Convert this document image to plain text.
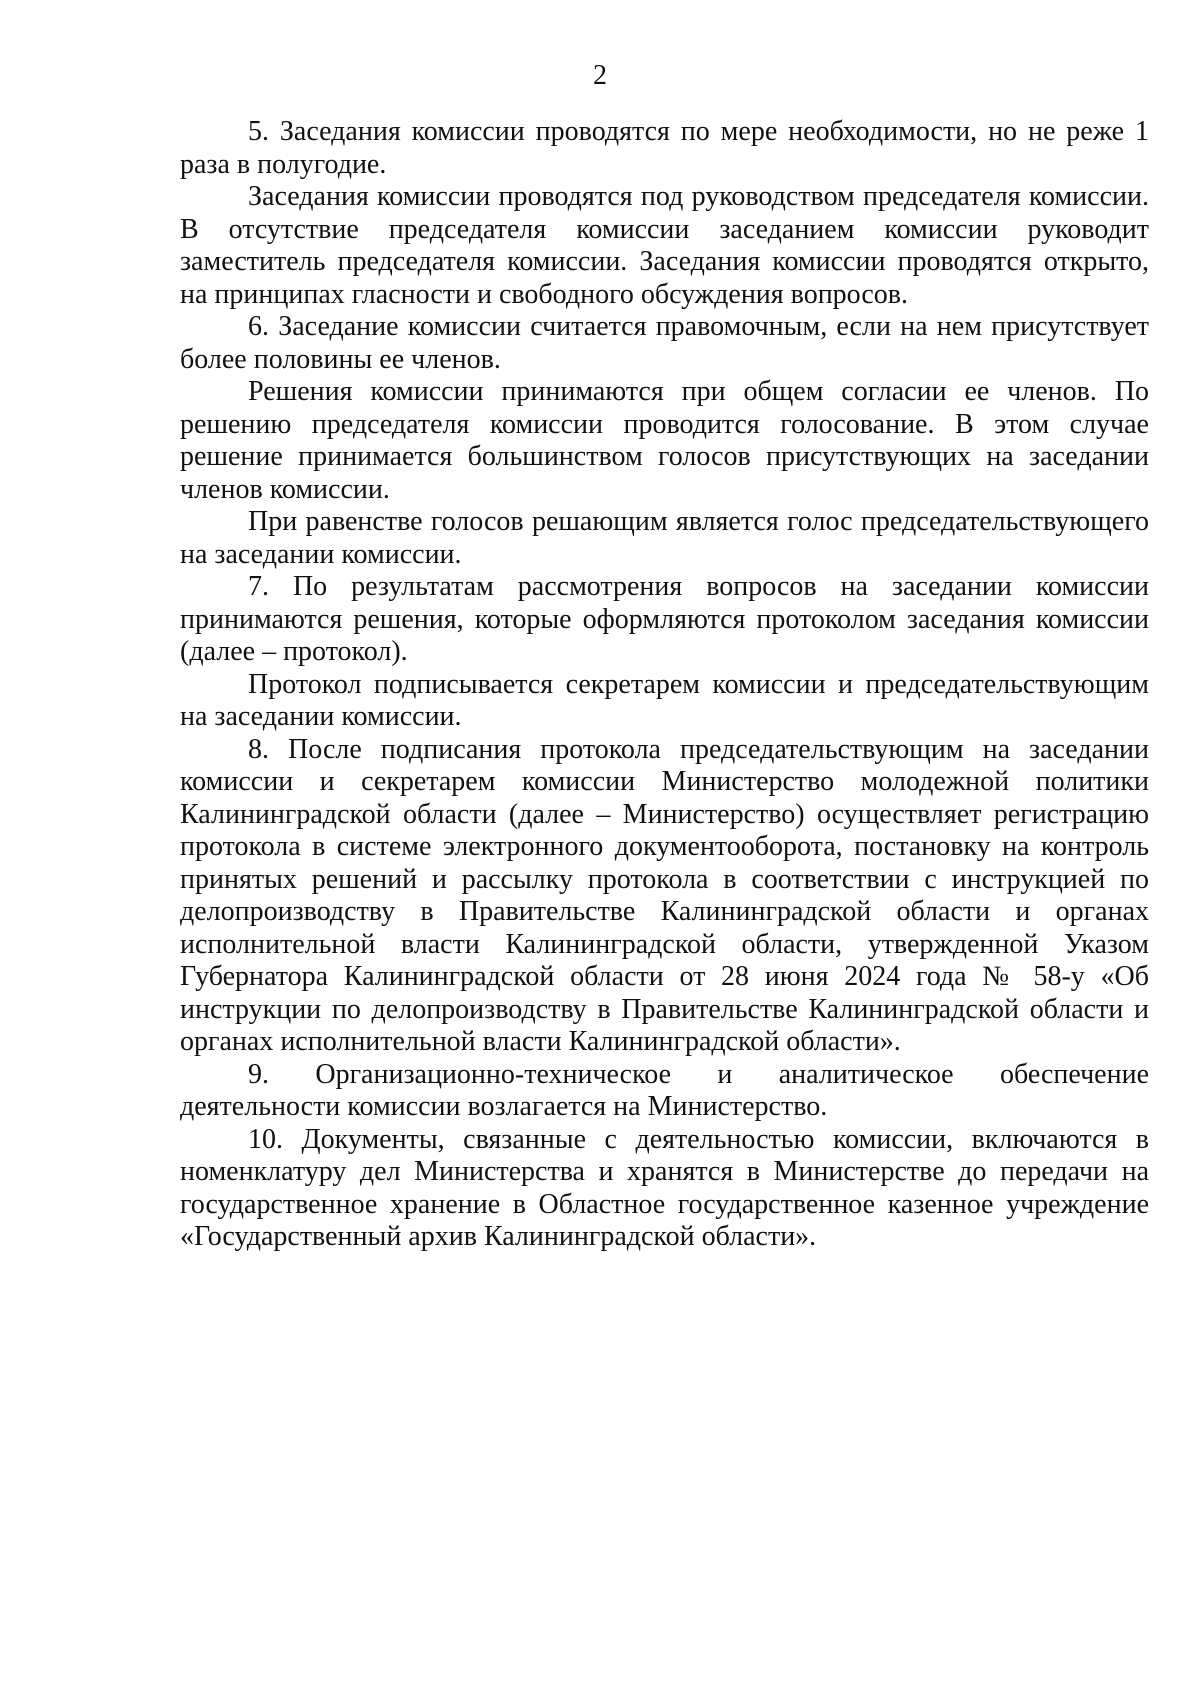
2

5. Заседания комиссии проводятся по мере необходимости, но не реже 1 раза в полугодие.

Заседания комиссии проводятся под руководством председателя комиссии. В отсутствие председателя комиссии заседанием комиссии руководит заместитель председателя комиссии. Заседания комиссии проводятся открыто, на принципах гласности и свободного обсуждения вопросов.

6. Заседание комиссии считается правомочным, если на нем присутствует более половины ее членов.

Решения комиссии принимаются при общем согласии ее членов. По решению председателя комиссии проводится голосование. В этом случае решение принимается большинством голосов присутствующих на заседании членов комиссии.

При равенстве голосов решающим является голос председательствующего на заседании комиссии.

7. По результатам рассмотрения вопросов на заседании комиссии принимаются решения, которые оформляются протоколом заседания комиссии (далее – протокол).

Протокол подписывается секретарем комиссии и председательствующим на заседании комиссии.

8. После подписания протокола председательствующим на заседании комиссии и секретарем комиссии Министерство молодежной политики Калининградской области (далее – Министерство) осуществляет регистрацию протокола в системе электронного документооборота, постановку на контроль принятых решений и рассылку протокола в соответствии с инструкцией по делопроизводству в Правительстве Калининградской области и органах исполнительной власти Калининградской области, утвержденной Указом Губернатора Калининградской области от 28 июня 2024 года № 58-у «Об инструкции по делопроизводству в Правительстве Калининградской области и органах исполнительной власти Калининградской области».

9. Организационно-техническое и аналитическое обеспечение деятельности комиссии возлагается на Министерство.

10. Документы, связанные с деятельностью комиссии, включаются в номенклатуру дел Министерства и хранятся в Министерстве до передачи на государственное хранение в Областное государственное казенное учреждение «Государственный архив Калининградской области».
